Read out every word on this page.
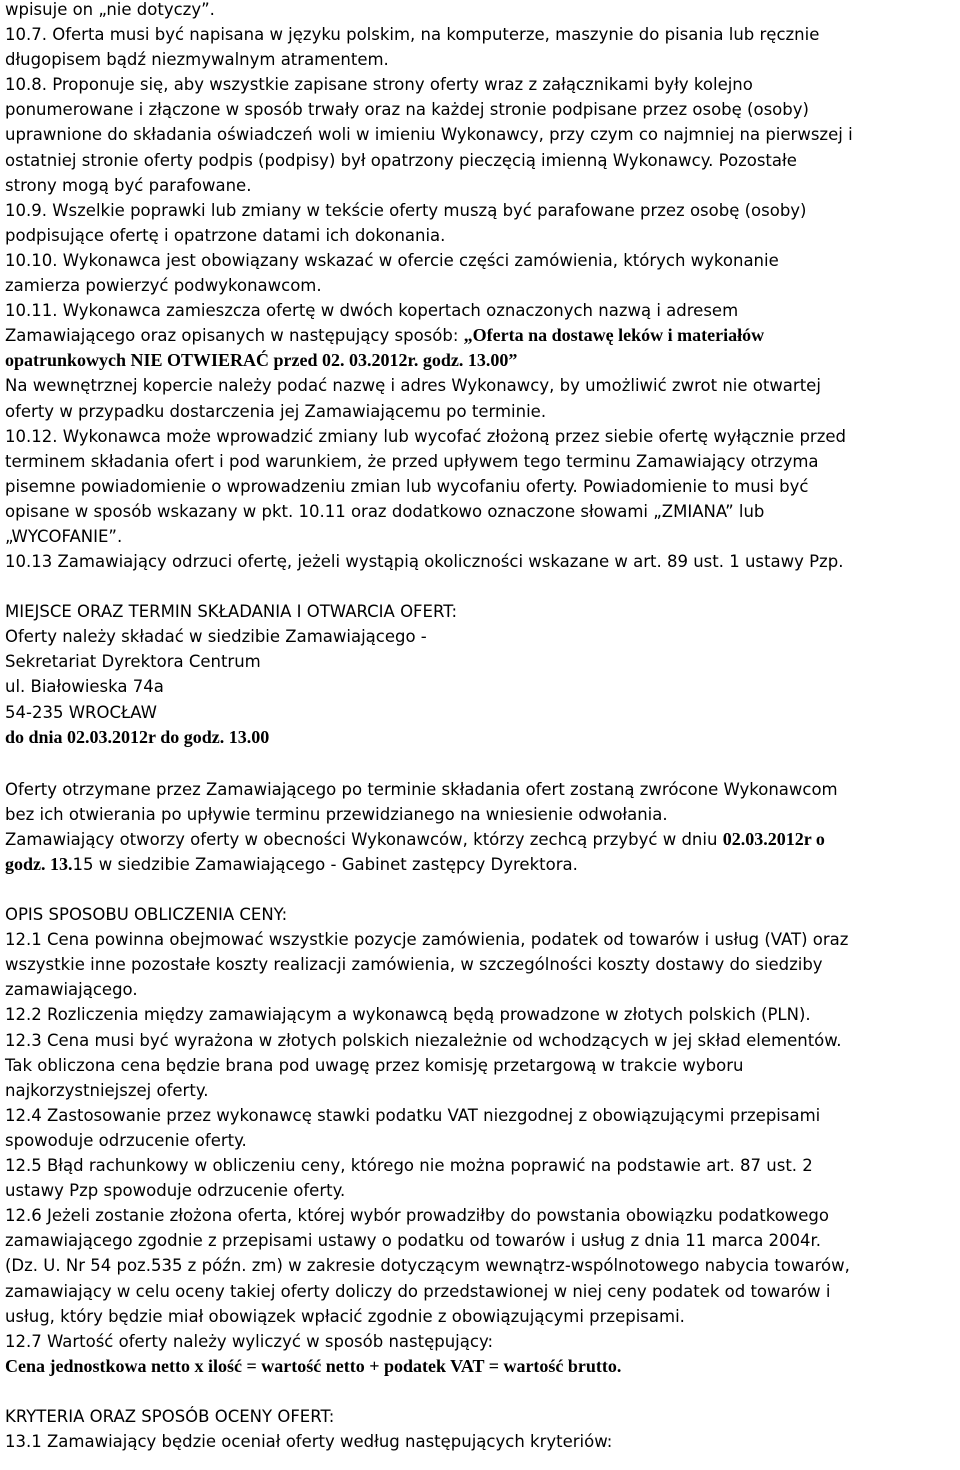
wpisuje on „nie dotyczy”.

10.7. Oferta musi być napisana w języku polskim, na komputerze, maszynie do pisania lub ręcznie

długopisem bądź niezmywalnym atramentem.

10.8. Proponuje się, aby wszystkie zapisane strony oferty wraz z załącznikami były kolejno

ponumerowane i złączone w sposób trwały oraz na każdej stronie podpisane przez osobę (osoby)

uprawnione do składania oświadczeń woli w imieniu Wykonawcy, przy czym co najmniej na pierwszej i

ostatniej stronie oferty podpis (podpisy) był opatrzony pieczęcią imienną Wykonawcy. Pozostałe

strony mogą być parafowane.

10.9. Wszelkie poprawki lub zmiany w tekście oferty muszą być parafowane przez osobę (osoby)

podpisujące ofertę i opatrzone datami ich dokonania.

10.10. Wykonawca jest obowiązany wskazać w ofercie części zamówienia, których wykonanie

zamierza powierzyć podwykonawcom.

10.11. Wykonawca zamieszcza ofertę w dwóch kopertach oznaczonych nazwą i adresem

Zamawiającego oraz opisanych w następujący sposób: „Oferta na dostawę leków i materiałów

opatrunkowych NIE OTWIERAĆ przed 02. 03.2012r. godz. 13.00”

Na wewnętrznej kopercie należy podać nazwę i adres Wykonawcy, by umożliwić zwrot nie otwartej

oferty w przypadku dostarczenia jej Zamawiającemu po terminie.

10.12. Wykonawca może wprowadzić zmiany lub wycofać złożoną przez siebie ofertę wyłącznie przed

terminem składania ofert i pod warunkiem, że przed upływem tego terminu Zamawiający otrzyma

pisemne powiadomienie o wprowadzeniu zmian lub wycofaniu oferty. Powiadomienie to musi być

opisane w sposób wskazany w pkt. 10.11 oraz dodatkowo oznaczone słowami „ZMIANA” lub

„WYCOFANIE”.

10.13 Zamawiający odrzuci ofertę, jeżeli wystąpią okoliczności wskazane w art. 89 ust. 1 ustawy Pzp.

MIEJSCE ORAZ TERMIN SKŁADANIA I OTWARCIA OFERT:

Oferty należy składać w siedzibie Zamawiającego -

Sekretariat Dyrektora Centrum

ul. Białowieska 74a

54-235 WROCŁAW

do dnia 02.03.2012r do godz. 13.00

Oferty otrzymane przez Zamawiającego po terminie składania ofert zostaną zwrócone Wykonawcom

bez ich otwierania po upływie terminu przewidzianego na wniesienie odwołania.

Zamawiający otworzy oferty w obecności Wykonawców, którzy zechcą przybyć w dniu 02.03.2012r o

godz. 13.15 w siedzibie Zamawiającego - Gabinet zastępcy Dyrektora.

OPIS SPOSOBU OBLICZENIA CENY:

12.1 Cena powinna obejmować wszystkie pozycje zamówienia, podatek od towarów i usług (VAT) oraz

wszystkie inne pozostałe koszty realizacji zamówienia, w szczególności koszty dostawy do siedziby

zamawiającego.

12.2 Rozliczenia między zamawiającym a wykonawcą będą prowadzone w złotych polskich (PLN).

12.3 Cena musi być wyrażona w złotych polskich niezależnie od wchodzących w jej skład elementów.

Tak obliczona cena będzie brana pod uwagę przez komisję przetargową w trakcie wyboru

najkorzystniejszej oferty.

12.4 Zastosowanie przez wykonawcę stawki podatku VAT niezgodnej z obowiązującymi przepisami

spowoduje odrzucenie oferty.

12.5 Błąd rachunkowy w obliczeniu ceny, którego nie można poprawić na podstawie art. 87 ust. 2

ustawy Pzp spowoduje odrzucenie oferty.

12.6 Jeżeli zostanie złożona oferta, której wybór prowadziłby do powstania obowiązku podatkowego

zamawiającego zgodnie z przepisami ustawy o podatku od towarów i usług z dnia 11 marca 2004r.

(Dz. U. Nr 54 poz.535 z późn. zm) w zakresie dotyczącym wewnątrz-wspólnotowego nabycia towarów,

zamawiający w celu oceny takiej oferty doliczy do przedstawionej w niej ceny podatek od towarów i

usług, który będzie miał obowiązek wpłacić zgodnie z obowiązującymi przepisami.

12.7 Wartość oferty należy wyliczyć w sposób następujący:

Cena jednostkowa netto x ilość = wartość netto + podatek VAT = wartość brutto.

KRYTERIA ORAZ SPOSÓB OCENY OFERT:

13.1 Zamawiający będzie oceniał oferty według następujących kryteriów:
